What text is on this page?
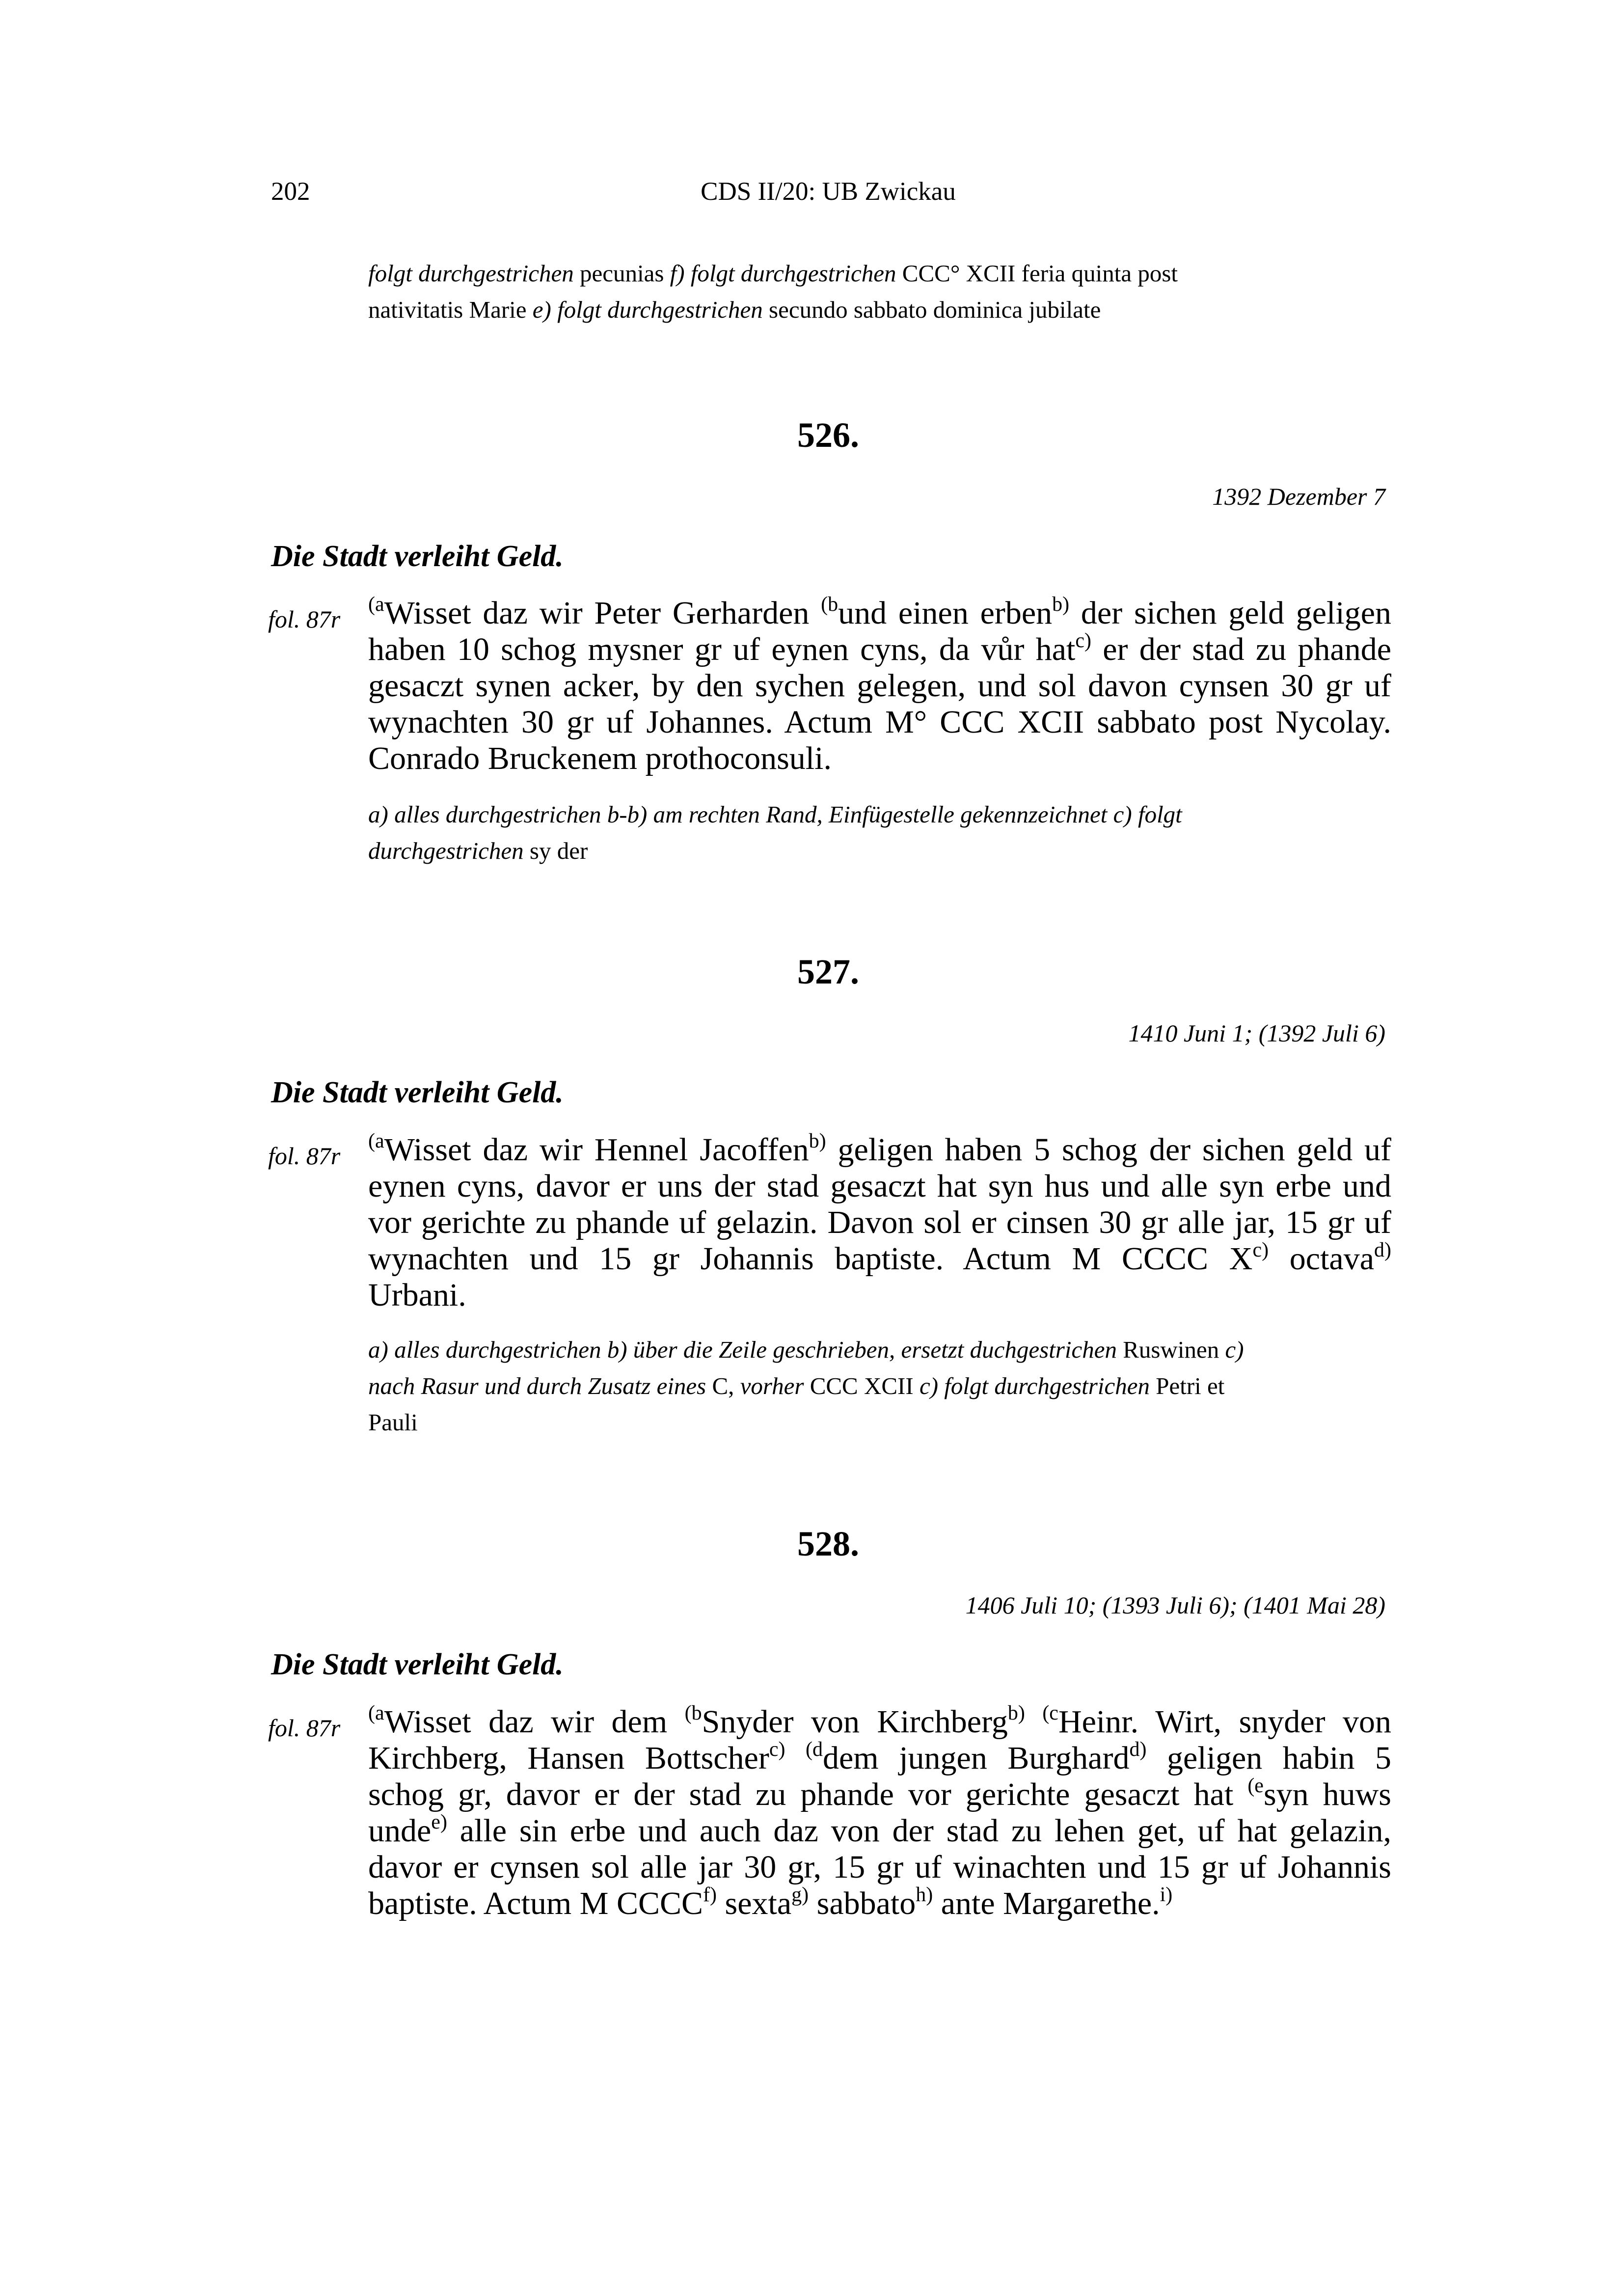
202	CDS II/20: UB Zwickau
folgt durchgestrichen pecunias f) folgt durchgestrichen CCC° XCII feria quinta post
nativitatis Marie e) folgt durchgestrichen secundo sabbato dominica jubilate
526.
1392 Dezember 7
Die Stadt verleiht Geld.
fol. 87r
$^{(a}$Wisset daz wir Peter Gerharden $^{(b}$und einen erben$^{b)}$ der sichen geld geligen
haben 10 schog mysner gr uf eynen cyns, da vůr hat$^{c)}$ er der stad zu phande
gesaczt synen acker, by den sychen gelegen, und sol davon cynsen 30 gr uf
wynachten 30 gr uf Johannes. Actum M° CCC XCII sabbato post Nycolay.
Conrado Bruckenem prothoconsuli.
a) alles durchgestrichen b-b) am rechten Rand, Einfügestelle gekennzeichnet c) folgt
durchgestrichen sy der
527.
1410 Juni 1; (1392 Juli 6)
Die Stadt verleiht Geld.
fol. 87r
$^{(a}$Wisset daz wir Hennel Jacoffen$^{b)}$ geligen haben 5 schog der sichen geld uf
eynen cyns, davor er uns der stad gesaczt hat syn hus und alle syn erbe und
vor gerichte zu phande uf gelazin. Davon sol er cinsen 30 gr alle jar, 15 gr uf
wynachten und 15 gr Johannis baptiste. Actum M CCCC $X^{c)}$ octava$^{d)}$
Urbani.
a) alles durchgestrichen b) über die Zeile geschrieben, ersetzt duchgestrichen Ruswinen c)
nach Rasur und durch Zusatz eines C, vorher CCC XCII c) folgt durchgestrichen Petri et
Pauli
528.
1406 Juli 10; (1393 Juli 6); (1401 Mai 28)
Die Stadt verleiht Geld.
fol. 87r
$^{(a}$Wisset daz wir dem $^{(b}$Snyder von Kirchberg$^{b)}$ $^{(c}$Heinr. Wirt, snyder von
Kirchberg, Hansen Bottscher$^{c)}$ $^{(d}$dem jungen Burghard$^{d)}$ geligen habin 5
schog gr, davor er der stad zu phande vor gerichte gesaczt hat $^{(e}$syn huws
unde$^{e)}$ alle sin erbe und auch daz von der stad zu lehen get, uf hat gelazin,
davor er cynsen sol alle jar 30 gr, 15 gr uf winachten und 15 gr uf Johannis
baptiste. Actum M CCCC$^{f)}$ sexta$^{g)}$ sabbato$^{h)}$ ante Margarethe.$^{i)}$
